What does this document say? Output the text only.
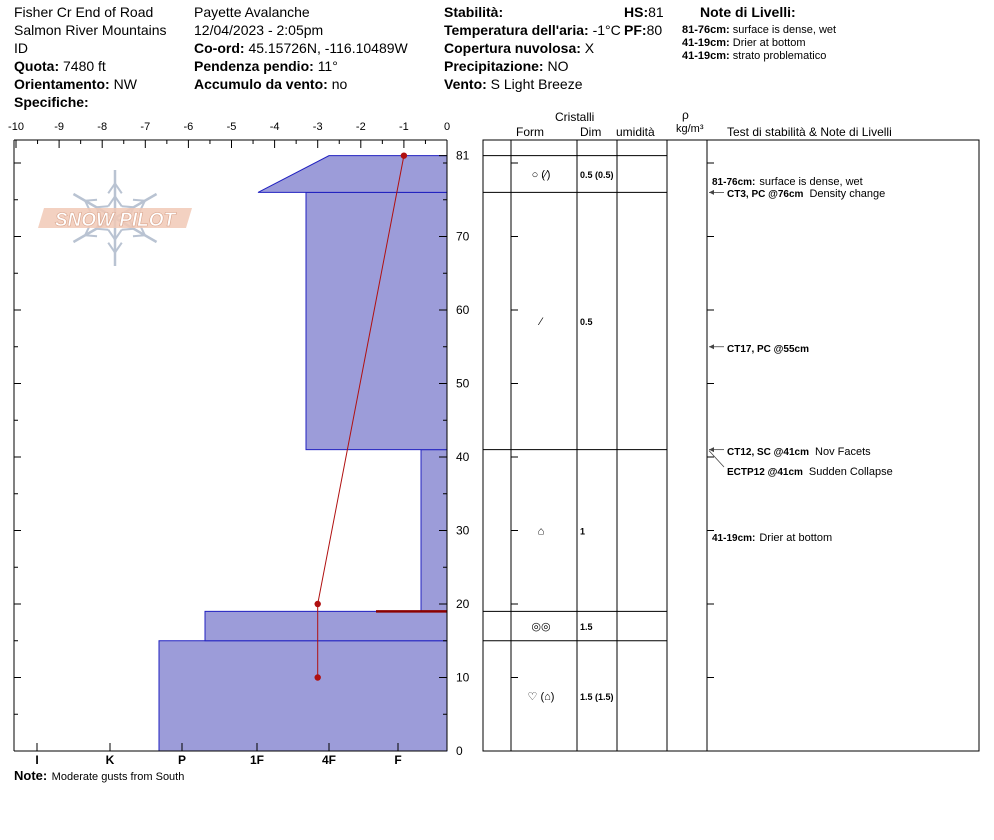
Fisher Cr End of Road
Salmon River Mountains
ID
Quota: 7480 ft
Orientamento: NW
Specifiche:
Payette Avalanche
12/04/2023 - 2:05pm
Co-ord: 45.15726N, -116.10489W
Pendenza pendio: 11°
Accumulo da vento: no
Stabilità:
Temperatura dell'aria: -1°C
Copertura nuvolosa: X
Precipitazione: NO
Vento: S Light Breeze
HS:81
PF:80
Note di Livelli:
81-76cm: surface is dense, wet
41-19cm: Drier at bottom
41-19cm: strato problematico
Cristalli
Form	Dim umidità
ρ
kg/m³ Test di stabilità & Note di Livelli
-10	-9	-8	-7	-6	-5	-4	-3	-2	-1	0
I	K	P	1F	4F	F
0
10
20
30
40
50
60
70
81
○ (⁄)	0.5 (0.5)
⁄	0.5
⌂	1
◎◎	1.5
♡ (⌂)	1.5 (1.5)
81-76cm: surface is dense, wet
41-19cm: Drier at bottom
CT3, PC @76cm Density change
CT17, PC @55cm
CT12, SC @41cm Nov Facets
ECTP12 @41cm Sudden Collapse
SNOW PILOT
Note: Moderate gusts from South
